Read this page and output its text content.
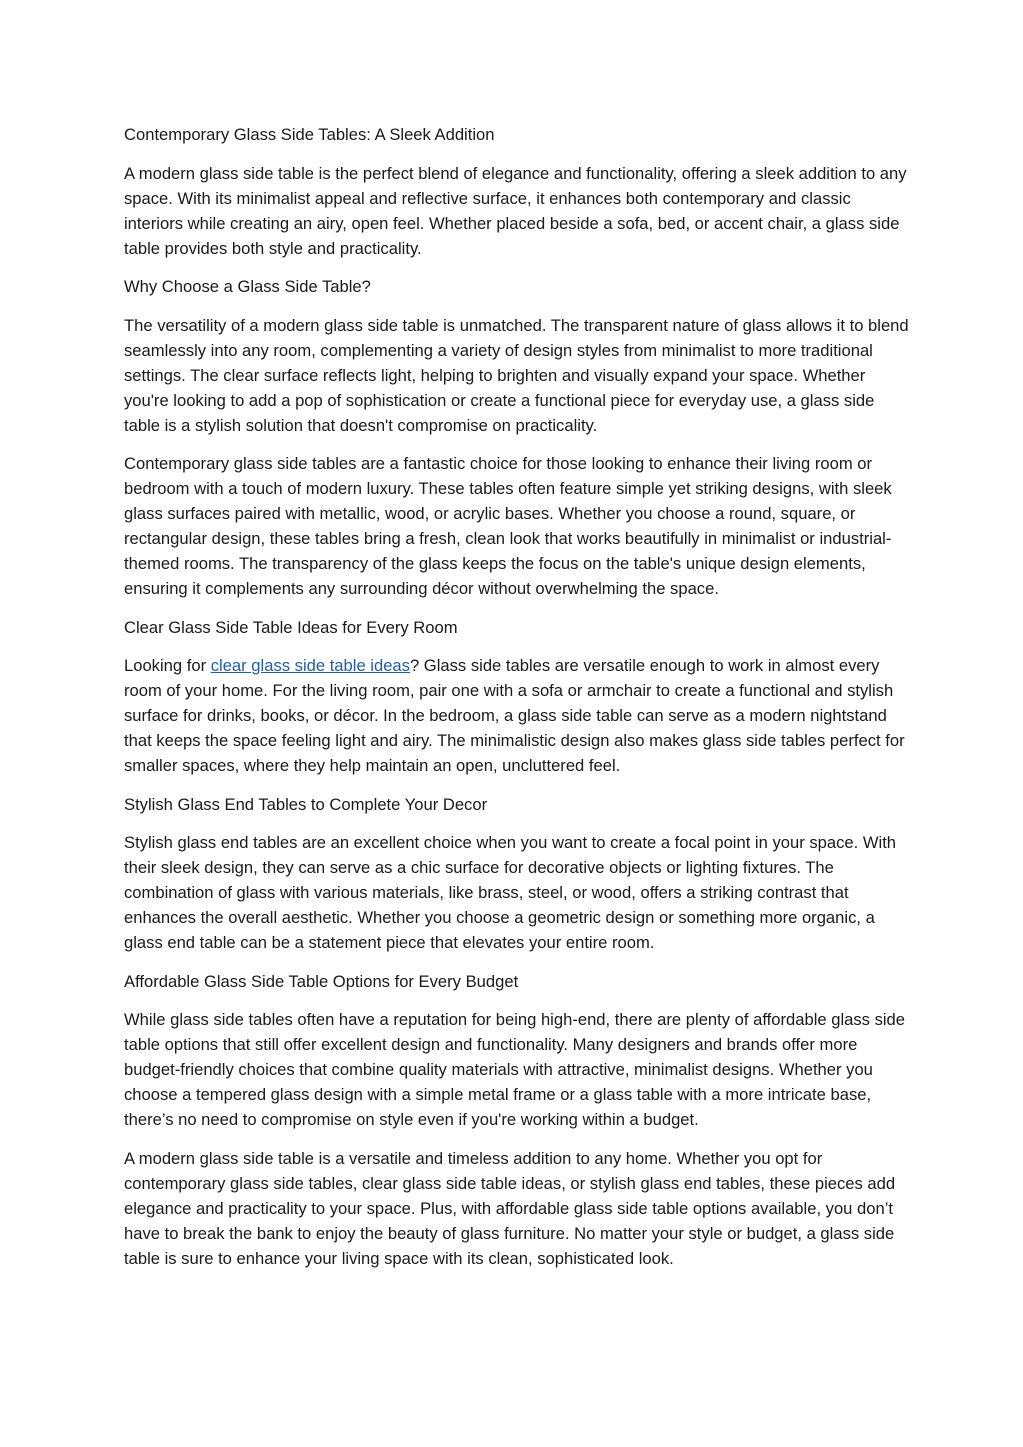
Contemporary Glass Side Tables: A Sleek Addition

A modern glass side table is the perfect blend of elegance and functionality, offering a sleek addition to any space. With its minimalist appeal and reflective surface, it enhances both contemporary and classic interiors while creating an airy, open feel. Whether placed beside a sofa, bed, or accent chair, a glass side table provides both style and practicality.

Why Choose a Glass Side Table?

The versatility of a modern glass side table is unmatched. The transparent nature of glass allows it to blend seamlessly into any room, complementing a variety of design styles from minimalist to more traditional settings. The clear surface reflects light, helping to brighten and visually expand your space. Whether you're looking to add a pop of sophistication or create a functional piece for everyday use, a glass side table is a stylish solution that doesn't compromise on practicality.

Contemporary glass side tables are a fantastic choice for those looking to enhance their living room or bedroom with a touch of modern luxury. These tables often feature simple yet striking designs, with sleek glass surfaces paired with metallic, wood, or acrylic bases. Whether you choose a round, square, or rectangular design, these tables bring a fresh, clean look that works beautifully in minimalist or industrial-themed rooms. The transparency of the glass keeps the focus on the table's unique design elements, ensuring it complements any surrounding décor without overwhelming the space.

Clear Glass Side Table Ideas for Every Room

Looking for clear glass side table ideas? Glass side tables are versatile enough to work in almost every room of your home. For the living room, pair one with a sofa or armchair to create a functional and stylish surface for drinks, books, or décor. In the bedroom, a glass side table can serve as a modern nightstand that keeps the space feeling light and airy. The minimalistic design also makes glass side tables perfect for smaller spaces, where they help maintain an open, uncluttered feel.

Stylish Glass End Tables to Complete Your Decor

Stylish glass end tables are an excellent choice when you want to create a focal point in your space. With their sleek design, they can serve as a chic surface for decorative objects or lighting fixtures. The combination of glass with various materials, like brass, steel, or wood, offers a striking contrast that enhances the overall aesthetic. Whether you choose a geometric design or something more organic, a glass end table can be a statement piece that elevates your entire room.

Affordable Glass Side Table Options for Every Budget

While glass side tables often have a reputation for being high-end, there are plenty of affordable glass side table options that still offer excellent design and functionality. Many designers and brands offer more budget-friendly choices that combine quality materials with attractive, minimalist designs. Whether you choose a tempered glass design with a simple metal frame or a glass table with a more intricate base, there’s no need to compromise on style even if you're working within a budget.

A modern glass side table is a versatile and timeless addition to any home. Whether you opt for contemporary glass side tables, clear glass side table ideas, or stylish glass end tables, these pieces add elegance and practicality to your space. Plus, with affordable glass side table options available, you don’t have to break the bank to enjoy the beauty of glass furniture. No matter your style or budget, a glass side table is sure to enhance your living space with its clean, sophisticated look.
